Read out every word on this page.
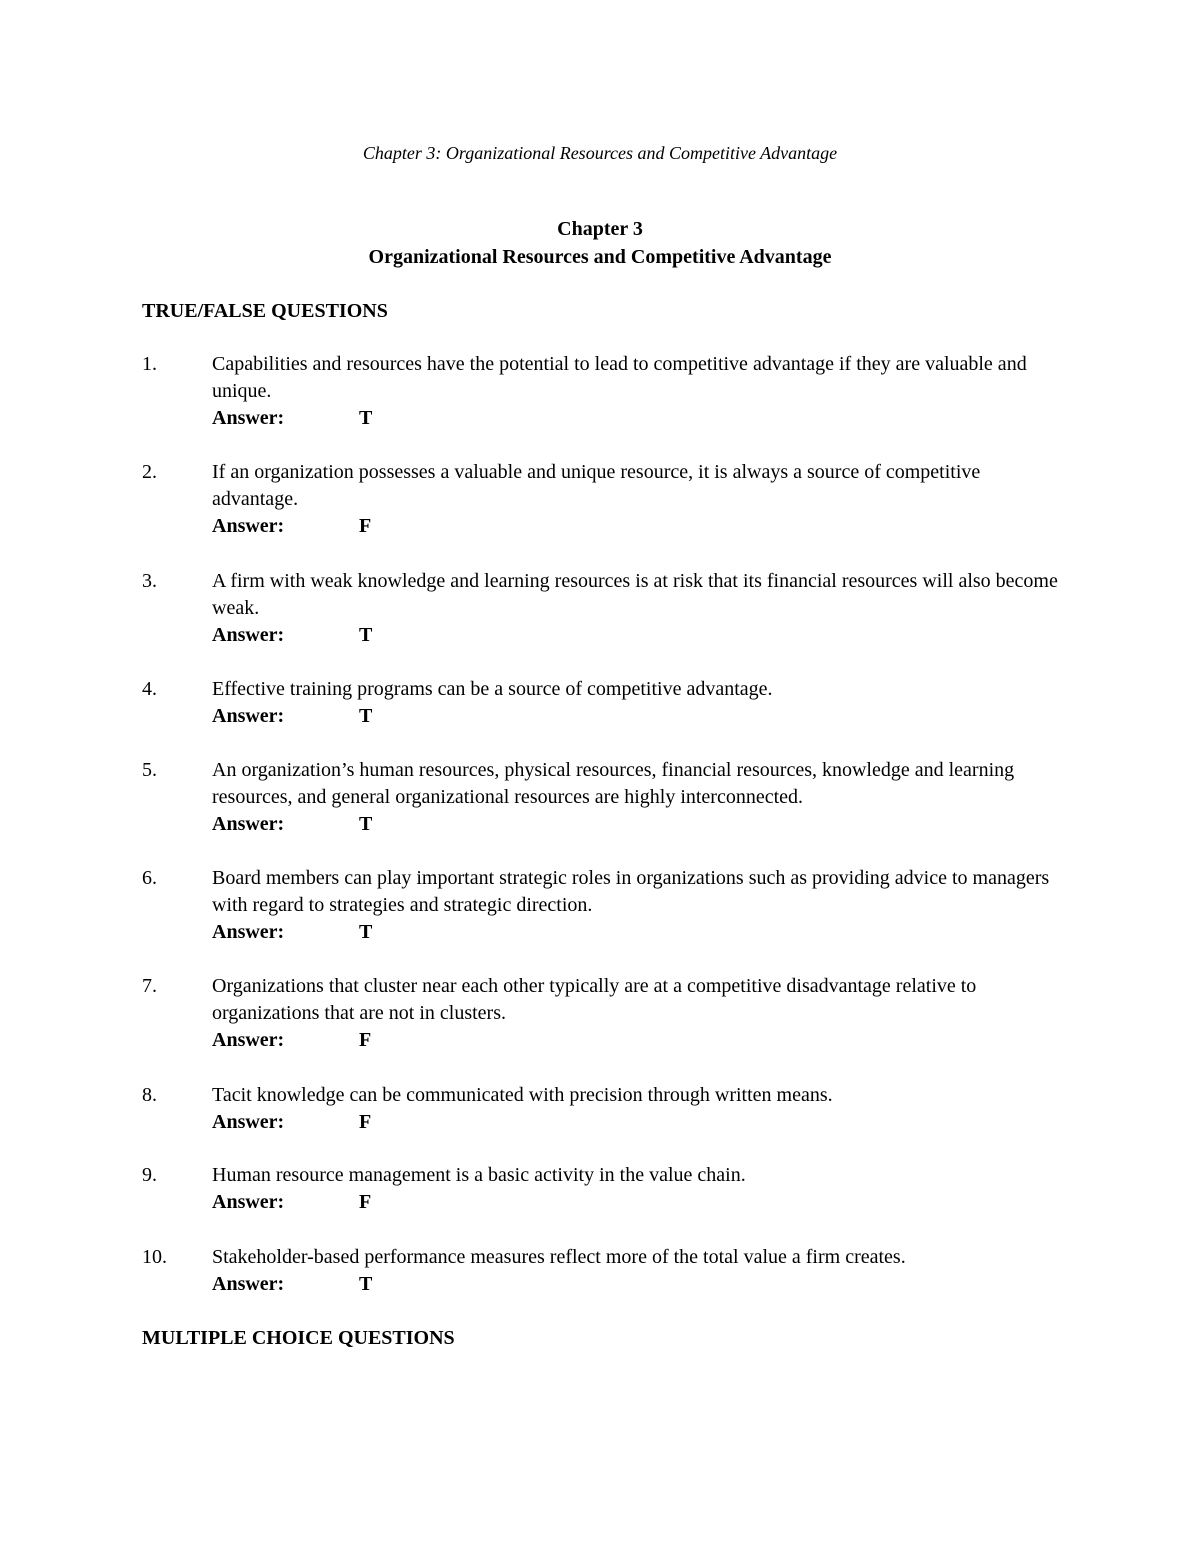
Chapter 3: Organizational Resources and Competitive Advantage
Chapter 3
Organizational Resources and Competitive Advantage
TRUE/FALSE QUESTIONS
1.	Capabilities and resources have the potential to lead to competitive advantage if they are valuable and unique.
Answer:	T
2.	If an organization possesses a valuable and unique resource, it is always a source of competitive advantage.
Answer:	F
3.	A firm with weak knowledge and learning resources is at risk that its financial resources will also become weak.
Answer:	T
4.	Effective training programs can be a source of competitive advantage.
Answer:	T
5.	An organization’s human resources, physical resources, financial resources, knowledge and learning resources, and general organizational resources are highly interconnected.
Answer:	T
6.	Board members can play important strategic roles in organizations such as providing advice to managers with regard to strategies and strategic direction.
Answer:	T
7.	Organizations that cluster near each other typically are at a competitive disadvantage relative to organizations that are not in clusters.
Answer:	F
8.	Tacit knowledge can be communicated with precision through written means.
Answer:	F
9.	Human resource management is a basic activity in the value chain.
Answer:	F
10. Stakeholder-based performance measures reflect more of the total value a firm creates.
Answer:	T
MULTIPLE CHOICE QUESTIONS
